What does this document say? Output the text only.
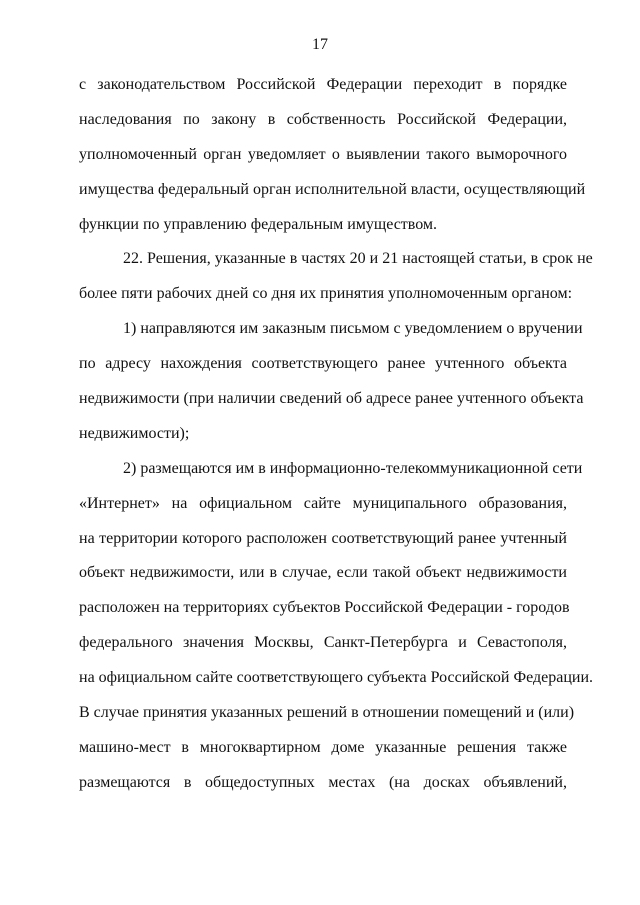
17
с законодательством Российской Федерации переходит в порядке
наследования по закону в собственность Российской Федерации,
уполномоченный орган уведомляет о выявлении такого выморочного
имущества федеральный орган исполнительной власти, осуществляющий
функции по управлению федеральным имуществом.
22. Решения, указанные в частях 20 и 21 настоящей статьи, в срок не
более пяти рабочих дней со дня их принятия уполномоченным органом:
1) направляются им заказным письмом с уведомлением о вручении
по адресу нахождения соответствующего ранее учтенного объекта
недвижимости (при наличии сведений об адресе ранее учтенного объекта
недвижимости);
2) размещаются им в информационно-телекоммуникационной сети
«Интернет» на официальном сайте муниципального образования,
на территории которого расположен соответствующий ранее учтенный
объект недвижимости, или в случае, если такой объект недвижимости
расположен на территориях субъектов Российской Федерации - городов
федерального значения Москвы, Санкт-Петербурга и Севастополя,
на официальном сайте соответствующего субъекта Российской Федерации.
В случае принятия указанных решений в отношении помещений и (или)
машино-мест в многоквартирном доме указанные решения также
размещаются в общедоступных местах (на досках объявлений,
